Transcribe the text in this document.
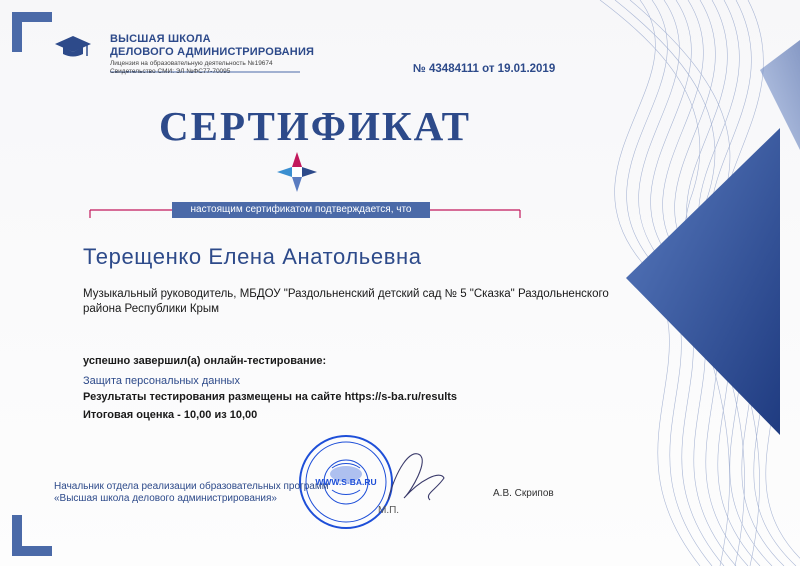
WWW.S-BA.RU
ВЫСШАЯ ШКОЛА
ДЕЛОВОГО АДМИНИСТРИРОВАНИЯ
Лицензия на образовательную деятельность №19674
Свидетельство СМИ: ЭЛ №ФС77-70095	№ 43484111 от 19.01.2019
СЕРТИФИКАТ
настоящим сертификатом подтверждается, что
Терещенко Елена Анатольевна
Музыкальный руководитель, МБДОУ "Раздольненский детский сад № 5 "Сказка" Раздольненского района Республики Крым
успешно завершил(а) онлайн-тестирование:
Защита персональных данных
Результаты тестирования размещены на сайте https://s-ba.ru/results
Итоговая оценка - 10,00 из 10,00
Начальник отдела реализации образовательных программ
«Высшая школа делового администрирования»	А.В. Скрипов
М.П.
